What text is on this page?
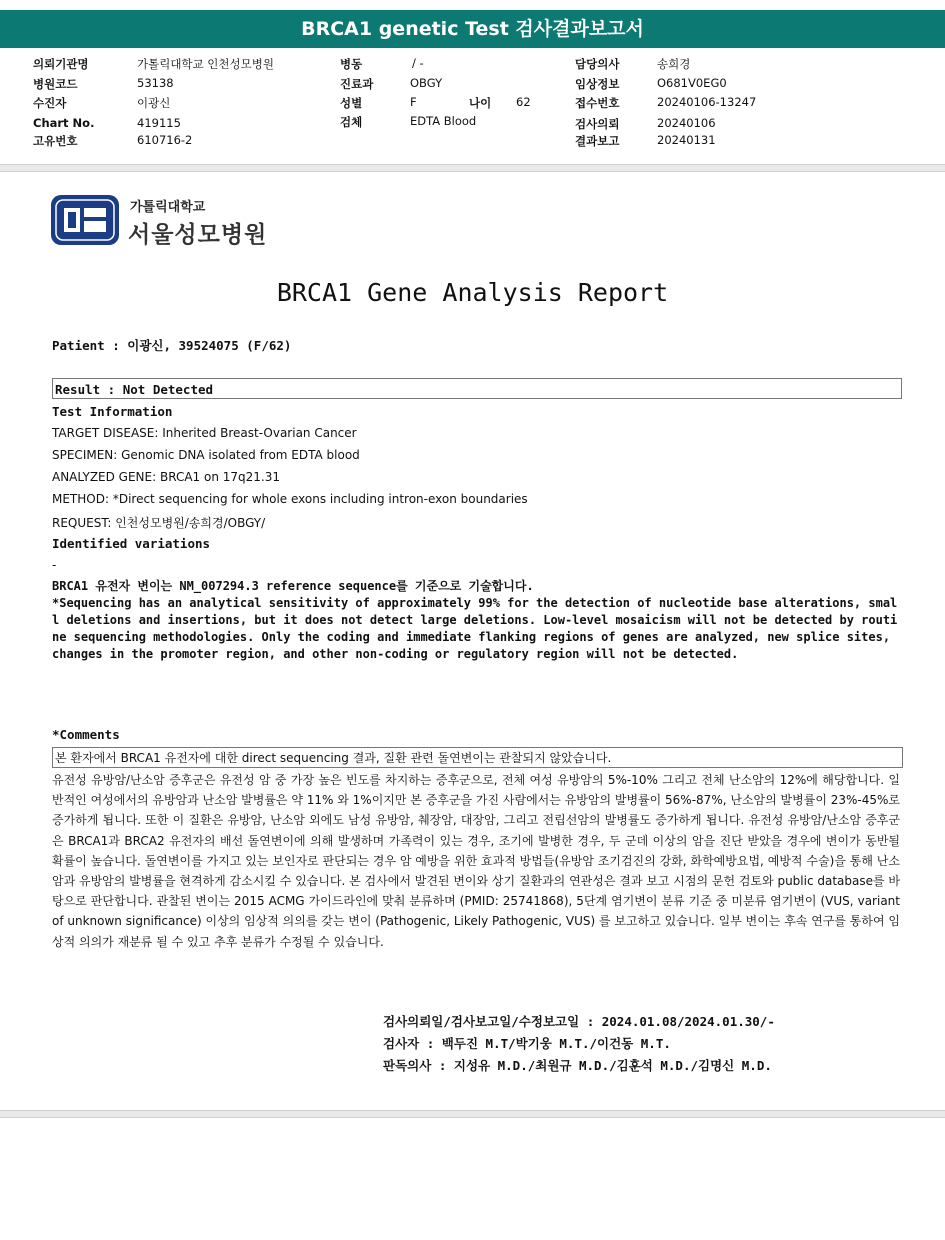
BRCA1 genetic Test 검사결과보고서
의뢰기관명	가톨릭대학교 인천성모병원
병원코드	53138
수진자	이광신
Chart No.	419115
고유번호	610716-2
병동	/ -
진료과	OBGY
성별	F	나이 62
검체	EDTA Blood
담당의사	송희경
임상정보	O681V0EG0
접수번호	20240106-13247
검사의뢰	20240106
결과보고	20240131
가톨릭대학교
서울성모병원
BRCA1 Gene Analysis Report
Patient : 이광신, 39524075 (F/62)
Result : Not Detected
Test Information
TARGET DISEASE: Inherited Breast-Ovarian Cancer
SPECIMEN: Genomic DNA isolated from EDTA blood
ANALYZED GENE: BRCA1 on 17q21.31
METHOD: *Direct sequencing for whole exons including intron-exon boundaries
REQUEST: 인천성모병원/송희경/OBGY/
Identified variations
-
BRCA1 유전자 변이는 NM_007294.3 reference sequence를 기준으로 기술합니다.
*Sequencing has an analytical sensitivity of approximately 99% for the detection of nucleotide base alterations, small deletions and insertions, but it does not detect large deletions. Low-level mosaicism will not be detected by routine sequencing methodologies. Only the coding and immediate flanking regions of genes are analyzed, new splice sites, changes in the promoter region, and other non-coding or regulatory region will not be detected.
*Comments
본 환자에서 BRCA1 유전자에 대한 direct sequencing 결과, 질환 관련 돌연변이는 관찰되지 않았습니다.
유전성 유방암/난소암 증후군은 유전성 암 중 가장 높은 빈도를 차지하는 증후군으로, 전체 여성 유방암의 5%-10% 그리고 전체 난소암의 12%에 해당합니다. 일반적인 여성에서의 유방암과 난소암 발병률은 약 11% 와 1%이지만 본 증후군을 가진 사람에서는 유방암의 발병률이 56%-87%, 난소암의 발병률이 23%-45%로 증가하게 됩니다. 또한 이 질환은 유방암, 난소암 외에도 남성 유방암, 췌장암, 대장암, 그리고 전립선암의 발병률도 증가하게 됩니다. 유전성 유방암/난소암 증후군은 BRCA1과 BRCA2 유전자의 배선 돌연변이에 의해 발생하며 가족력이 있는 경우, 조기에 발병한 경우, 두 군데 이상의 암을 진단 받았을 경우에 변이가 동반될 확률이 높습니다. 돌연변이를 가지고 있는 보인자로 판단되는 경우 암 예방을 위한 효과적 방법들(유방암 조기검진의 강화, 화학예방요법, 예방적 수술)을 통해 난소암과 유방암의 발병률을 현격하게 감소시킬 수 있습니다. 본 검사에서 발견된 변이와 상기 질환과의 연관성은 결과 보고 시점의 문헌 검토와 public database를 바탕으로 판단합니다. 관찰된 변이는 2015 ACMG 가이드라인에 맞춰 분류하며 (PMID: 25741868), 5단계 염기변이 분류 기준 중 미분류 염기변이 (VUS, variant of unknown significance) 이상의 임상적 의의를 갖는 변이 (Pathogenic, Likely Pathogenic, VUS) 를 보고하고 있습니다. 일부 변이는 후속 연구를 통하여 임상적 의의가 재분류 될 수 있고 추후 분류가 수정될 수 있습니다.
검사의뢰일/검사보고일/수정보고일 : 2024.01.08/2024.01.30/-
검사자 : 백두진 M.T/박기웅 M.T./이건동 M.T.
판독의사 : 지성유 M.D./최원규 M.D./김훈석 M.D./김명신 M.D.
